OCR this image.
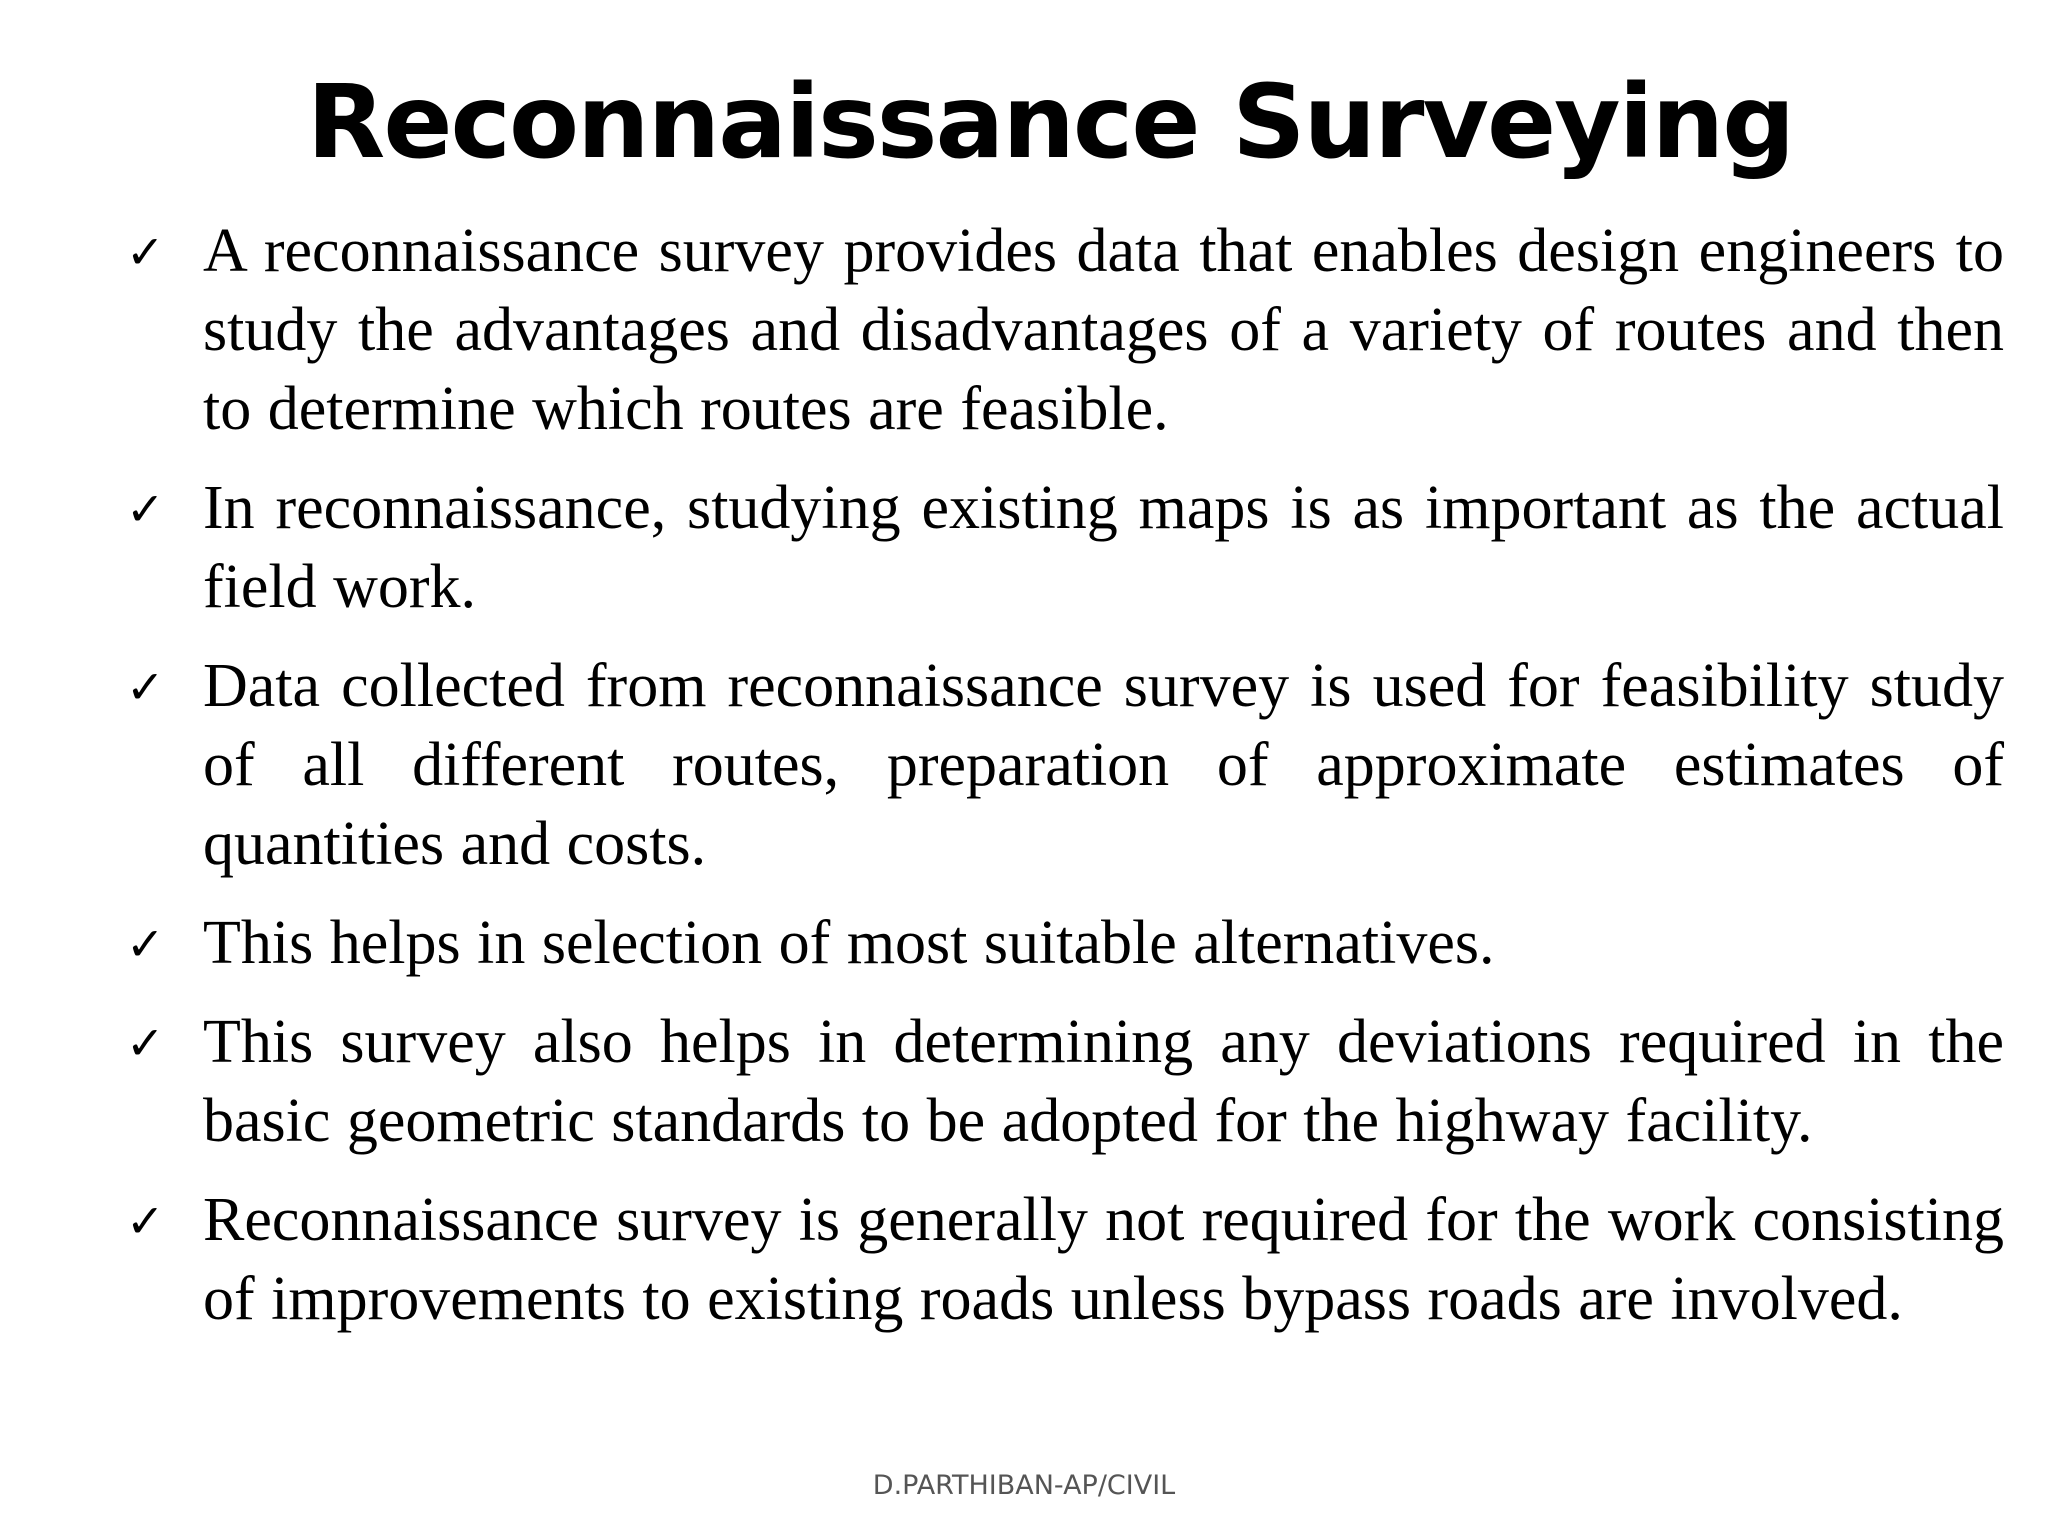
Reconnaissance Surveying
✓ A reconnaissance survey provides data that enables design engineers to study the advantages and disadvantages of a variety of routes and then to determine which routes are feasible.
✓ In reconnaissance, studying existing maps is as important as the actual field work.
✓ Data collected from reconnaissance survey is used for feasibility study of all different routes, preparation of approximate estimates of quantities and costs.
✓ This helps in selection of most suitable alternatives.
✓ This survey also helps in determining any deviations required in the basic geometric standards to be adopted for the highway facility.
✓ Reconnaissance survey is generally not required for the work consisting of improvements to existing roads unless bypass roads are involved.
D.PARTHIBAN-AP/CIVIL
